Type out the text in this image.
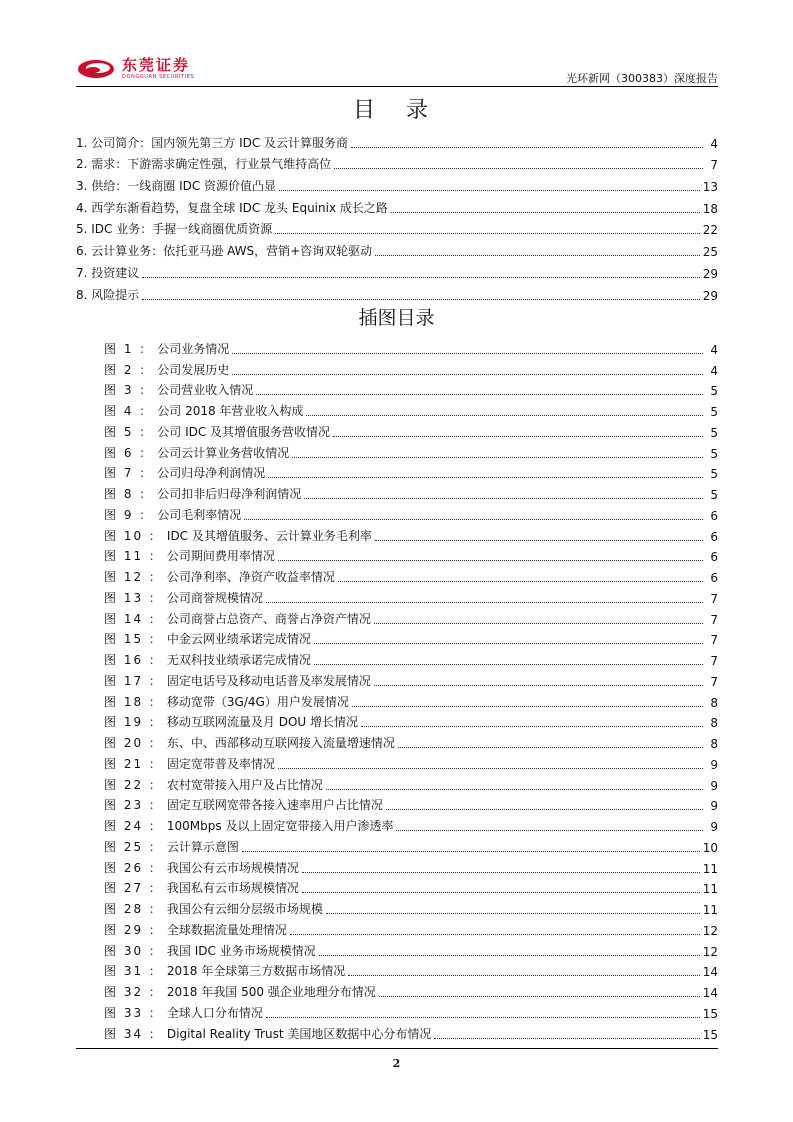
东莞证券
DONGGUAN SECURITIES	光环新网（300383）深度报告
目 录
1. 公司简介：国内领先第三方 IDC 及云计算服务商	4
2. 需求：下游需求确定性强，行业景气维持高位	7
3. 供给：一线商圈 IDC 资源价值凸显	13
4. 西学东渐看趋势，复盘全球 IDC 龙头 Equinix 成长之路	18
5. IDC 业务：手握一线商圈优质资源	22
6. 云计算业务：依托亚马逊 AWS，营销+咨询双轮驱动	25
7. 投资建议	29
8. 风险提示	29
插图目录
图 1 ： 公司业务情况	4
图 2 ： 公司发展历史	4
图 3 ： 公司营业收入情况	5
图 4 ： 公司 2018 年营业收入构成	5
图 5 ： 公司 IDC 及其增值服务营收情况	5
图 6 ： 公司云计算业务营收情况	5
图 7 ： 公司归母净利润情况	5
图 8 ： 公司扣非后归母净利润情况	5
图 9 ： 公司毛利率情况	6
图 10 ： IDC 及其增值服务、云计算业务毛利率	6
图 11 ： 公司期间费用率情况	6
图 12 ： 公司净利率、净资产收益率情况	6
图 13 ： 公司商誉规模情况	7
图 14 ： 公司商誉占总资产、商誉占净资产情况	7
图 15 ： 中金云网业绩承诺完成情况	7
图 16 ： 无双科技业绩承诺完成情况	7
图 17 ： 固定电话号及移动电话普及率发展情况	7
图 18 ： 移动宽带（3G/4G）用户发展情况	8
图 19 ： 移动互联网流量及月 DOU 增长情况	8
图 20 ： 东、中、西部移动互联网接入流量增速情况	8
图 21 ： 固定宽带普及率情况	9
图 22 ： 农村宽带接入用户及占比情况	9
图 23 ： 固定互联网宽带各接入速率用户占比情况	9
图 24 ： 100Mbps 及以上固定宽带接入用户渗透率	9
图 25 ： 云计算示意图	10
图 26 ： 我国公有云市场规模情况	11
图 27 ： 我国私有云市场规模情况	11
图 28 ： 我国公有云细分层级市场规模	11
图 29 ： 全球数据流量处理情况	12
图 30 ： 我国 IDC 业务市场规模情况	12
图 31 ： 2018 年全球第三方数据市场情况	14
图 32 ： 2018 年我国 500 强企业地理分布情况	14
图 33 ： 全球人口分布情况	15
图 34 ： Digital Reality Trust 美国地区数据中心分布情况	15
2
